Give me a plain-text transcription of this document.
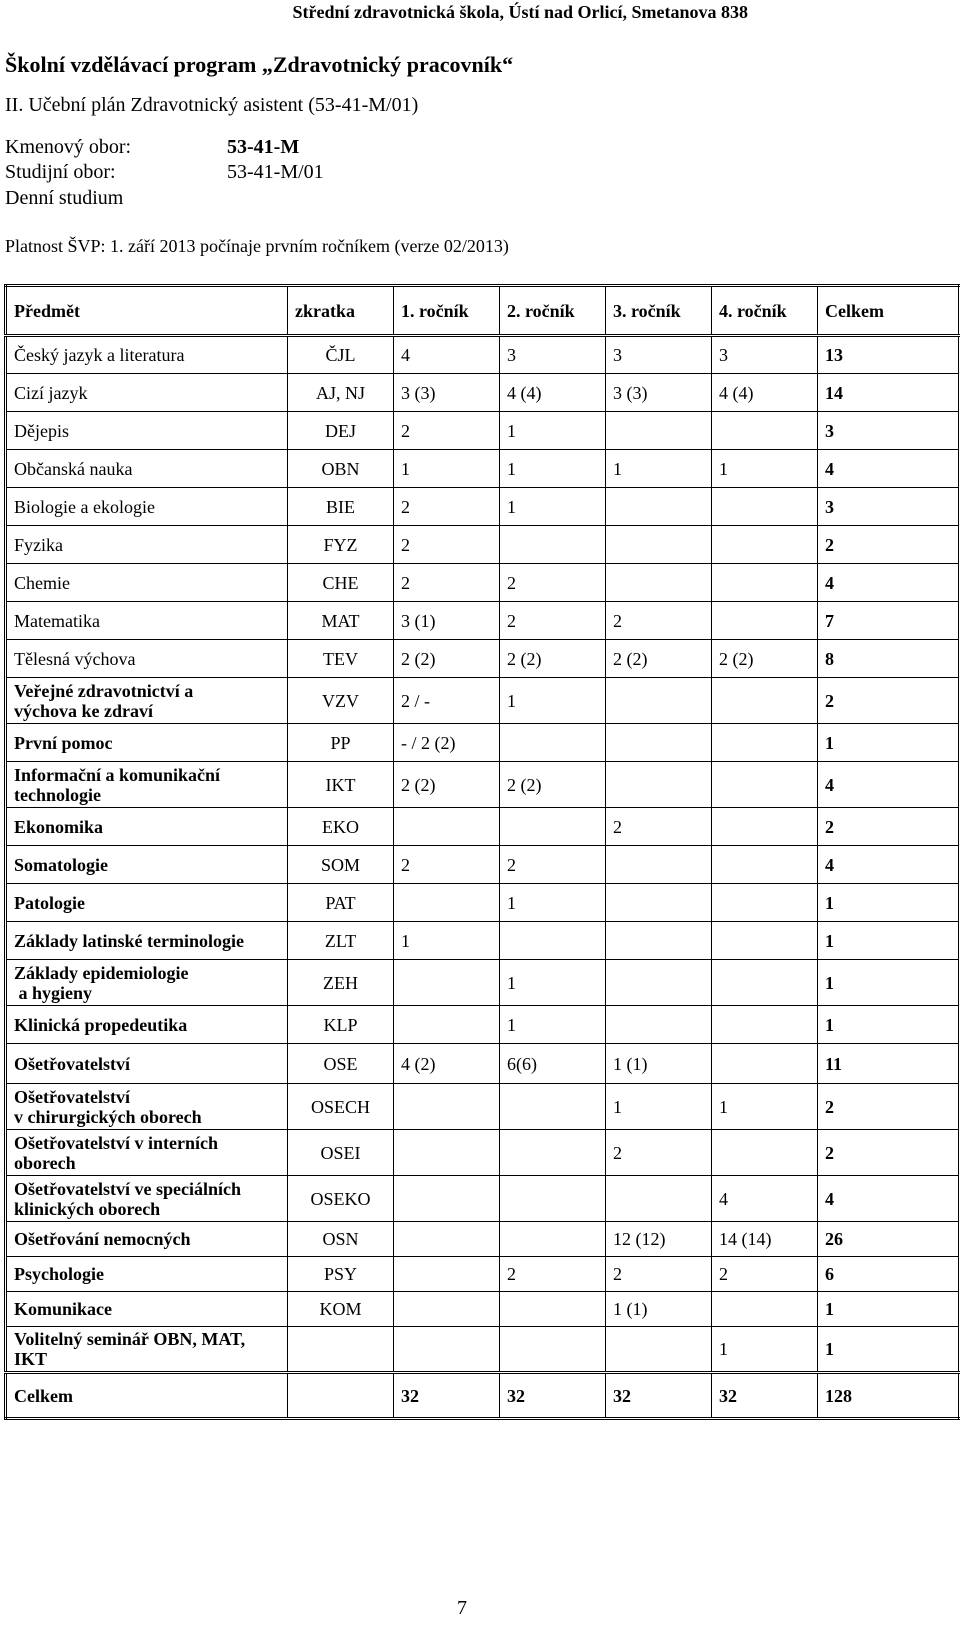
Střední zdravotnická škola, Ústí nad Orlicí, Smetanova 838
Školní vzdělávací program „Zdravotnický pracovník“
II. Učební plán Zdravotnický asistent (53-41-M/01)
Kmenový obor:	53-41-M
Studijní obor:	53-41-M/01
Denní studium
Platnost ŠVP: 1. září 2013 počínaje prvním ročníkem (verze 02/2013)
Předmět	zkratka	1. ročník	2. ročník	3. ročník	4. ročník	Celkem

Český jazyk a literatura	ČJL	4	3	3	3	13

Cizí jazyk	AJ, NJ	3 (3)	4 (4)	3 (3)	4 (4)	14

Dějepis	DEJ	2	1			3

Občanská nauka	OBN	1	1	1	1	4

Biologie a ekologie	BIE	2	1			3

Fyzika	FYZ	2				2

Chemie	CHE	2	2			4

Matematika	MAT	3 (1)	2	2		7

Tělesná výchova	TEV	2 (2)	2 (2)	2 (2)	2 (2)	8

Veřejné zdravotnictví a
výchova ke zdraví	VZV	2 / -	1			2

První pomoc	PP	- / 2 (2)				1

Informační a komunikační
technologie	IKT	2 (2)	2 (2)			4

Ekonomika	EKO			2		2

Somatologie	SOM	2	2			4

Patologie	PAT		1			1

Základy latinské terminologie	ZLT	1				1

Základy epidemiologie
a hygieny	ZEH		1			1

Klinická propedeutika	KLP		1			1

Ošetřovatelství	OSE	4 (2)	6(6)	1 (1)		11

Ošetřovatelství
v chirurgických oborech	OSECH			1	1	2

Ošetřovatelství v interních
oborech	OSEI			2		2

Ošetřovatelství ve speciálních
klinických oborech	OSEKO				4	4

Ošetřování nemocných	OSN			12 (12)	14 (14)	26

Psychologie	PSY		2	2	2	6

Komunikace	KOM			1 (1)		1

Volitelný seminář OBN, MAT,
IKT					1	1
Celkem		32	32	32	32	128
7
